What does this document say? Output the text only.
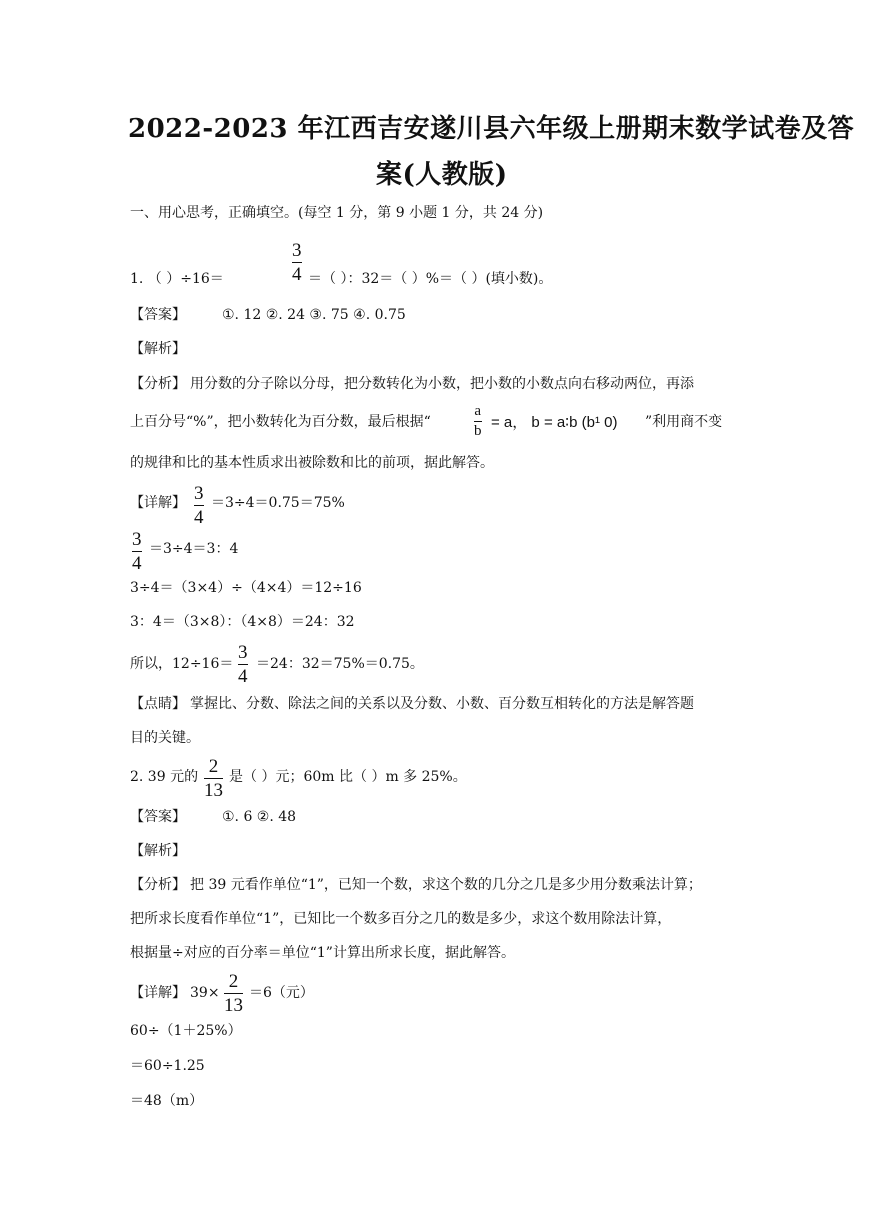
2022-2023 年江西吉安遂川县六年级上册期末数学试卷及答
案(人教版)
一、用心思考，正确填空。(每空 1 分，第 9 小题 1 分，共 24 分)
1. （ ）÷16＝
3
4 ＝（ ）：32＝（ ）%＝（ ）(填小数)。
【答案】	①. 12 ②. 24 ③. 75 ④. 0.75
【解析】
【分析】 用分数的分子除以分母，把分数转化为小数，把小数的小数点向右移动两位，再添
上百分号“%”，把小数转化为百分数，最后根据“
a
b = a， b = a∶b (b¹ 0) ”利用商不变
的规律和比的基本性质求出被除数和比的前项，据此解答。
【详解】 3
4
＝3÷4＝0.75＝75%
3
4
＝3÷4＝3：4
3÷4＝（3×4）÷（4×4）＝12÷16
3：4＝（3×8）：（4×8）＝24：32
所以，12÷16＝
3
4
＝24：32＝75%＝0.75。
【点睛】 掌握比、分数、除法之间的关系以及分数、小数、百分数互相转化的方法是解答题
目的关键。
2. 39 元的 2
13
是（ ）元；60m 比（ ）m 多 25%。
【答案】	①. 6 ②. 48
【解析】
【分析】 把 39 元看作单位“1”，已知一个数，求这个数的几分之几是多少用分数乘法计算；
把所求长度看作单位“1”，已知比一个数多百分之几的数是多少，求这个数用除法计算，
根据量÷对应的百分率＝单位“1”计算出所求长度，据此解答。
【详解】 39×
2
13
＝6（元）
60÷（1＋25%）
＝60÷1.25
＝48（m）
